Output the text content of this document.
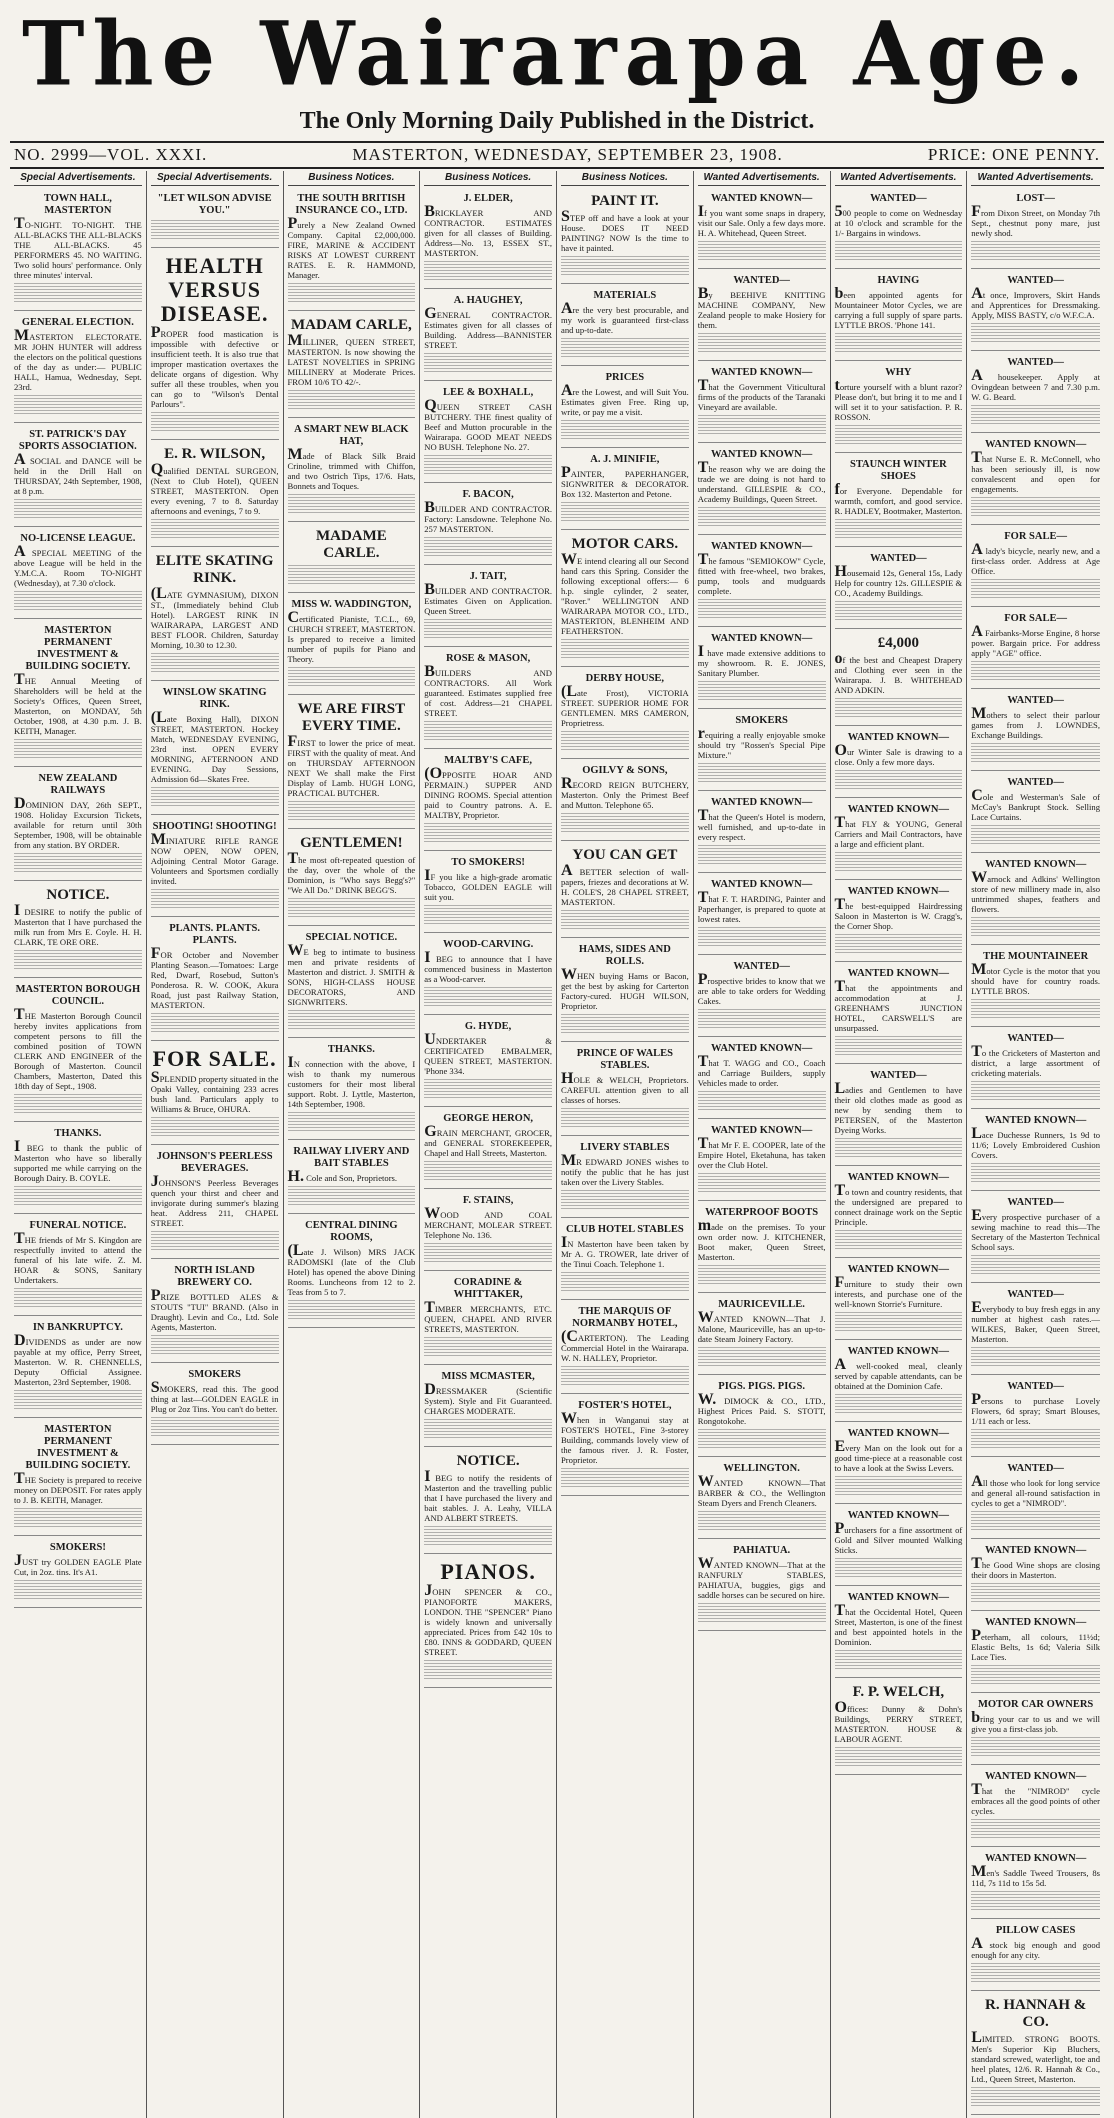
The Wairarapa Age.
The Only Morning Daily Published in the District.
NO. 2999—VOL. XXXI.	MASTERTON, WEDNESDAY, SEPTEMBER 23, 1908.	PRICE: ONE PENNY.
Special Advertisements.
TOWN HALL, MASTERTON
TO-NIGHT. TO-NIGHT. THE ALL-BLACKS THE ALL-BLACKS THE ALL-BLACKS. 45 PERFORMERS 45. NO WAITING. Two solid hours' performance. Only three minutes' interval.
GENERAL ELECTION.
MASTERTON ELECTORATE. MR JOHN HUNTER will address the electors on the political questions of the day as under:— PUBLIC HALL, Hamua, Wednesday, Sept. 23rd.
ST. PATRICK'S DAY SPORTS ASSOCIATION.
A SOCIAL and DANCE will be held in the Drill Hall on THURSDAY, 24th September, 1908, at 8 p.m.
NO-LICENSE LEAGUE.
A SPECIAL MEETING of the above League will be held in the Y.M.C.A. Room TO-NIGHT (Wednesday), at 7.30 o'clock.
MASTERTON PERMANENT INVESTMENT & BUILDING SOCIETY.
THE Annual Meeting of Shareholders will be held at the Society's Offices, Queen Street, Masterton, on MONDAY, 5th October, 1908, at 4.30 p.m. J. B. KEITH, Manager.
NEW ZEALAND RAILWAYS
DOMINION DAY, 26th SEPT., 1908. Holiday Excursion Tickets, available for return until 30th September, 1908, will be obtainable from any station. BY ORDER.
NOTICE.
I DESIRE to notify the public of Masterton that I have purchased the milk run from Mrs E. Coyle. H. H. CLARK, TE ORE ORE.
MASTERTON BOROUGH COUNCIL.
THE Masterton Borough Council hereby invites applications from competent persons to fill the combined position of TOWN CLERK AND ENGINEER of the Borough of Masterton. Council Chambers, Masterton, Dated this 18th day of Sept., 1908.
THANKS.
I BEG to thank the public of Masterton who have so liberally supported me while carrying on the Borough Dairy. B. COYLE.
FUNERAL NOTICE.
THE friends of Mr S. Kingdon are respectfully invited to attend the funeral of his late wife. Z. M. HOAR & SONS, Sanitary Undertakers.
IN BANKRUPTCY.
DIVIDENDS as under are now payable at my office, Perry Street, Masterton. W. R. CHENNELLS, Deputy Official Assignee. Masterton, 23rd September, 1908.
MASTERTON PERMANENT INVESTMENT & BUILDING SOCIETY.
THE Society is prepared to receive money on DEPOSIT. For rates apply to J. B. KEITH, Manager.
SMOKERS!
JUST try GOLDEN EAGLE Plate Cut, in 2oz. tins. It's A1.
Special Advertisements.
"LET WILSON ADVISE YOU."
HEALTH VERSUS DISEASE.
PROPER food mastication is impossible with defective or insufficient teeth. It is also true that improper mastication overtaxes the delicate organs of digestion. Why suffer all these troubles, when you can go to "Wilson's Dental Parlours".
E. R. WILSON,
Qualified DENTAL SURGEON, (Next to Club Hotel), QUEEN STREET, MASTERTON. Open every evening, 7 to 8. Saturday afternoons and evenings, 7 to 9.
ELITE SKATING RINK.
(LATE GYMNASIUM), DIXON ST., (Immediately behind Club Hotel). LARGEST RINK IN WAIRARAPA, LARGEST AND BEST FLOOR. Children, Saturday Morning, 10.30 to 12.30.
WINSLOW SKATING RINK.
(Late Boxing Hall), DIXON STREET, MASTERTON. Hockey Match, WEDNESDAY EVENING, 23rd inst. OPEN EVERY MORNING, AFTERNOON AND EVENING. Day Sessions, Admission 6d—Skates Free.
SHOOTING! SHOOTING!
MINIATURE RIFLE RANGE NOW OPEN, NOW OPEN, Adjoining Central Motor Garage. Volunteers and Sportsmen cordially invited.
PLANTS. PLANTS. PLANTS.
FOR October and November Planting Season.—Tomatoes: Large Red, Dwarf, Rosebud, Sutton's Ponderosa. R. W. COOK, Akura Road, just past Railway Station, MASTERTON.
FOR SALE.
SPLENDID property situated in the Opaki Valley, containing 233 acres bush land. Particulars apply to Williams & Bruce, OHURA.
JOHNSON'S PEERLESS BEVERAGES.
JOHNSON'S Peerless Beverages quench your thirst and cheer and invigorate during summer's blazing heat. Address 211, CHAPEL STREET.
NORTH ISLAND BREWERY CO.
PRIZE BOTTLED ALES & STOUTS "TUI" BRAND. (Also in Draught). Levin and Co., Ltd. Sole Agents, Masterton.
SMOKERS
SMOKERS, read this. The good thing at last—GOLDEN EAGLE in Plug or 2oz Tins. You can't do better.
Business Notices.
THE SOUTH BRITISH INSURANCE CO., LTD.
Purely a New Zealand Owned Company. Capital £2,000,000. FIRE, MARINE & ACCIDENT RISKS AT LOWEST CURRENT RATES. E. R. HAMMOND, Manager.
MADAM CARLE,
MILLINER, QUEEN STREET, MASTERTON. Is now showing the LATEST NOVELTIES in SPRING MILLINERY at Moderate Prices. FROM 10/6 TO 42/-.
A SMART NEW BLACK HAT,
Made of Black Silk Braid Crinoline, trimmed with Chiffon, and two Ostrich Tips, 17/6. Hats, Bonnets and Toques.
MADAME CARLE.
MISS W. WADDINGTON,
Certificated Pianiste, T.C.L., 69, CHURCH STREET, MASTERTON. Is prepared to receive a limited number of pupils for Piano and Theory.
WE ARE FIRST EVERY TIME.
FIRST to lower the price of meat. FIRST with the quality of meat. And on THURSDAY AFTERNOON NEXT We shall make the First Display of Lamb. HUGH LONG, PRACTICAL BUTCHER.
GENTLEMEN!
The most oft-repeated question of the day, over the whole of the Dominion, is "Who says Begg's?" "We All Do." DRINK BEGG'S.
SPECIAL NOTICE.
WE beg to intimate to business men and private residents of Masterton and district. J. SMITH & SONS, HIGH-CLASS HOUSE DECORATORS, AND SIGNWRITERS.
THANKS.
IN connection with the above, I wish to thank my numerous customers for their most liberal support. Robt. J. Lyttle, Masterton, 14th September, 1908.
RAILWAY LIVERY AND BAIT STABLES
H. Cole and Son, Proprietors.
CENTRAL DINING ROOMS,
(Late J. Wilson) MRS JACK RADOMSKI (late of the Club Hotel) has opened the above Dining Rooms. Luncheons from 12 to 2. Teas from 5 to 7.
Business Notices.
J. ELDER,
BRICKLAYER AND CONTRACTOR. ESTIMATES given for all classes of Building. Address—No. 13, ESSEX ST., MASTERTON.
A. HAUGHEY,
GENERAL CONTRACTOR. Estimates given for all classes of Building. Address—BANNISTER STREET.
LEE & BOXHALL,
QUEEN STREET CASH BUTCHERY. THE finest quality of Beef and Mutton procurable in the Wairarapa. GOOD MEAT NEEDS NO BUSH. Telephone No. 27.
F. BACON,
BUILDER AND CONTRACTOR. Factory: Lansdowne. Telephone No. 257 MASTERTON.
J. TAIT,
BUILDER AND CONTRACTOR. Estimates Given on Application. Queen Street.
ROSE & MASON,
BUILDERS AND CONTRACTORS. All Work guaranteed. Estimates supplied free of cost. Address—21 CHAPEL STREET.
MALTBY'S CAFE,
(OPPOSITE HOAR AND PERMAIN.) SUPPER AND DINING ROOMS. Special attention paid to Country patrons. A. E. MALTBY, Proprietor.
TO SMOKERS!
IF you like a high-grade aromatic Tobacco, GOLDEN EAGLE will suit you.
WOOD-CARVING.
I BEG to announce that I have commenced business in Masterton as a Wood-carver.
G. HYDE,
UNDERTAKER & CERTIFICATED EMBALMER, QUEEN STREET, MASTERTON. 'Phone 334.
GEORGE HERON,
GRAIN MERCHANT, GROCER, and GENERAL STOREKEEPER, Chapel and Hall Streets, Masterton.
F. STAINS,
WOOD AND COAL MERCHANT, MOLEAR STREET. Telephone No. 136.
CORADINE & WHITTAKER,
TIMBER MERCHANTS, ETC. QUEEN, CHAPEL AND RIVER STREETS, MASTERTON.
MISS MCMASTER,
DRESSMAKER (Scientific System). Style and Fit Guaranteed. CHARGES MODERATE.
NOTICE.
I BEG to notify the residents of Masterton and the travelling public that I have purchased the livery and bait stables. J. A. Leahy, VILLA AND ALBERT STREETS.
PIANOS.
JOHN SPENCER & CO., PIANOFORTE MAKERS, LONDON. THE "SPENCER" Piano is widely known and universally appreciated. Prices from £42 10s to £80. INNS & GODDARD, QUEEN STREET.
Business Notices.
PAINT IT.
STEP off and have a look at your House. DOES IT NEED PAINTING? NOW Is the time to have it painted.
MATERIALS
Are the very best procurable, and my work is guaranteed first-class and up-to-date.
PRICES
Are the Lowest, and will Suit You. Estimates given Free. Ring up, write, or pay me a visit.
A. J. MINIFIE,
PAINTER, PAPERHANGER, SIGNWRITER & DECORATOR. Box 132. Masterton and Petone.
MOTOR CARS.
WE intend clearing all our Second hand cars this Spring. Consider the following exceptional offers:— 6 h.p. single cylinder, 2 seater, "Rover." WELLINGTON AND WAIRARAPA MOTOR CO., LTD., MASTERTON, BLENHEIM AND FEATHERSTON.
DERBY HOUSE,
(Late Frost), VICTORIA STREET. SUPERIOR HOME FOR GENTLEMEN. MRS CAMERON, Proprietress.
OGILVY & SONS,
RECORD REIGN BUTCHERY, Masterton. Only the Primest Beef and Mutton. Telephone 65.
YOU CAN GET
A BETTER selection of wall-papers, friezes and decorations at W. H. COLE'S, 28 CHAPEL STREET, MASTERTON.
HAMS, SIDES AND ROLLS.
WHEN buying Hams or Bacon, get the best by asking for Carterton Factory-cured. HUGH WILSON, Proprietor.
PRINCE OF WALES STABLES.
HOLE & WELCH, Proprietors. CAREFUL attention given to all classes of horses.
LIVERY STABLES
MR EDWARD JONES wishes to notify the public that he has just taken over the Livery Stables.
CLUB HOTEL STABLES
IN Masterton have been taken by Mr A. G. TROWER, late driver of the Tinui Coach. Telephone 1.
THE MARQUIS OF NORMANBY HOTEL,
(CARTERTON). The Leading Commercial Hotel in the Wairarapa. W. N. HALLEY, Proprietor.
FOSTER'S HOTEL,
When in Wanganui stay at FOSTER'S HOTEL, Fine 3-storey Building, commands lovely view of the famous river. J. R. Foster, Proprietor.
Wanted Advertisements.
WANTED KNOWN—
If you want some snaps in drapery, visit our Sale. Only a few days more. H. A. Whitehead, Queen Street.
WANTED—
By BEEHIVE KNITTING MACHINE COMPANY, New Zealand people to make Hosiery for them.
WANTED KNOWN—
That the Government Viticultural firms of the products of the Taranaki Vineyard are available.
WANTED KNOWN—
The reason why we are doing the trade we are doing is not hard to understand. GILLESPIE & CO., Academy Buildings, Queen Street.
WANTED KNOWN—
The famous "SEMIOKOW" Cycle, fitted with free-wheel, two brakes, pump, tools and mudguards complete.
WANTED KNOWN—
I have made extensive additions to my showroom. R. E. JONES, Sanitary Plumber.
SMOKERS
requiring a really enjoyable smoke should try "Rossen's Special Pipe Mixture."
WANTED KNOWN—
That the Queen's Hotel is modern, well furnished, and up-to-date in every respect.
WANTED KNOWN—
That F. T. HARDING, Painter and Paperhanger, is prepared to quote at lowest rates.
WANTED—
Prospective brides to know that we are able to take orders for Wedding Cakes.
WANTED KNOWN—
That T. WAGG and CO., Coach and Carriage Builders, supply Vehicles made to order.
WANTED KNOWN—
That Mr F. E. COOPER, late of the Empire Hotel, Eketahuna, has taken over the Club Hotel.
WATERPROOF BOOTS
made on the premises. To your own order now. J. KITCHENER, Boot maker, Queen Street, Masterton.
MAURICEVILLE.
WANTED KNOWN—That J. Malone, Mauriceville, has an up-to-date Steam Joinery Factory.
PIGS. PIGS. PIGS.
W. DIMOCK & CO., LTD., Highest Prices Paid. S. STOTT, Rongotokohe.
WELLINGTON.
WANTED KNOWN—That BARBER & CO., the Wellington Steam Dyers and French Cleaners.
PAHIATUA.
WANTED KNOWN—That at the RANFURLY STABLES, PAHIATUA, buggies, gigs and saddle horses can be secured on hire.
Wanted Advertisements.
WANTED—
500 people to come on Wednesday at 10 o'clock and scramble for the 1/- Bargains in windows.
HAVING
been appointed agents for Mountaineer Motor Cycles, we are carrying a full supply of spare parts. LYTTLE BROS. 'Phone 141.
WHY
torture yourself with a blunt razor? Please don't, but bring it to me and I will set it to your satisfaction. P. R. ROSSON.
STAUNCH WINTER SHOES
for Everyone. Dependable for warmth, comfort, and good service. R. HADLEY, Bootmaker, Masterton.
WANTED—
Housemaid 12s, General 15s, Lady Help for country 12s. GILLESPIE & CO., Academy Buildings.
£4,000
of the best and Cheapest Drapery and Clothing ever seen in the Wairarapa. J. B. WHITEHEAD AND ADKIN.
WANTED KNOWN—
Our Winter Sale is drawing to a close. Only a few more days.
WANTED KNOWN—
That FLY & YOUNG, General Carriers and Mail Contractors, have a large and efficient plant.
WANTED KNOWN—
The best-equipped Hairdressing Saloon in Masterton is W. Cragg's, the Corner Shop.
WANTED KNOWN—
That the appointments and accommodation at J. GREENHAM'S JUNCTION HOTEL, CARSWELL'S are unsurpassed.
WANTED—
Ladies and Gentlemen to have their old clothes made as good as new by sending them to PETERSEN, of the Masterton Dyeing Works.
WANTED KNOWN—
To town and country residents, that the undersigned are prepared to connect drainage work on the Septic Principle.
WANTED KNOWN—
Furniture to study their own interests, and purchase one of the well-known Storrie's Furniture.
WANTED KNOWN—
A well-cooked meal, cleanly served by capable attendants, can be obtained at the Dominion Cafe.
WANTED KNOWN—
Every Man on the look out for a good time-piece at a reasonable cost to have a look at the Swiss Levers.
WANTED KNOWN—
Purchasers for a fine assortment of Gold and Silver mounted Walking Sticks.
WANTED KNOWN—
That the Occidental Hotel, Queen Street, Masterton, is one of the finest and best appointed hotels in the Dominion.
F. P. WELCH,
Offices: Dunny & Dohn's Buildings, PERRY STREET, MASTERTON. HOUSE & LABOUR AGENT.
Wanted Advertisements.
LOST—
From Dixon Street, on Monday 7th Sept., chestnut pony mare, just newly shod.
WANTED—
At once, Improvers, Skirt Hands and Apprentices for Dressmaking. Apply, MISS BASTY, c/o W.F.C.A.
WANTED—
A housekeeper. Apply at Ovingdean between 7 and 7.30 p.m. W. G. Beard.
WANTED KNOWN—
That Nurse E. R. McConnell, who has been seriously ill, is now convalescent and open for engagements.
FOR SALE—
A lady's bicycle, nearly new, and a first-class order. Address at Age Office.
FOR SALE—
A Fairbanks-Morse Engine, 8 horse power. Bargain price. For address apply "AGE" office.
WANTED—
Mothers to select their parlour games from J. LOWNDES, Exchange Buildings.
WANTED—
Cole and Westerman's Sale of McCay's Bankrupt Stock. Selling Lace Curtains.
WANTED KNOWN—
Warnock and Adkins' Wellington store of new millinery made in, also untrimmed shapes, feathers and flowers.
THE MOUNTAINEER
Motor Cycle is the motor that you should have for country roads. LYTTLE BROS.
WANTED—
To the Cricketers of Masterton and district, a large assortment of cricketing materials.
WANTED KNOWN—
Lace Duchesse Runners, 1s 9d to 11/6; Lovely Embroidered Cushion Covers.
WANTED—
Every prospective purchaser of a sewing machine to read this—The Secretary of the Masterton Technical School says.
WANTED—
Everybody to buy fresh eggs in any number at highest cash rates.—WILKES, Baker, Queen Street, Masterton.
WANTED—
Persons to purchase Lovely Flowers, 6d spray; Smart Blouses, 1/11 each or less.
WANTED—
All those who look for long service and general all-round satisfaction in cycles to get a "NIMROD".
WANTED KNOWN—
The Good Wine shops are closing their doors in Masterton.
WANTED KNOWN—
Peterham, all colours, 11½d; Elastic Belts, 1s 6d; Valeria Silk Lace Ties.
MOTOR CAR OWNERS
bring your car to us and we will give you a first-class job.
WANTED KNOWN—
That the "NIMROD" cycle embraces all the good points of other cycles.
WANTED KNOWN—
Men's Saddle Tweed Trousers, 8s 11d, 7s 11d to 15s 5d.
PILLOW CASES
A stock big enough and good enough for any city.
R. HANNAH & CO.
LIMITED. STRONG BOOTS. Men's Superior Kip Bluchers, standard screwed, waterlight, toe and heel plates, 12/6. R. Hannah & Co., Ltd., Queen Street, Masterton.
